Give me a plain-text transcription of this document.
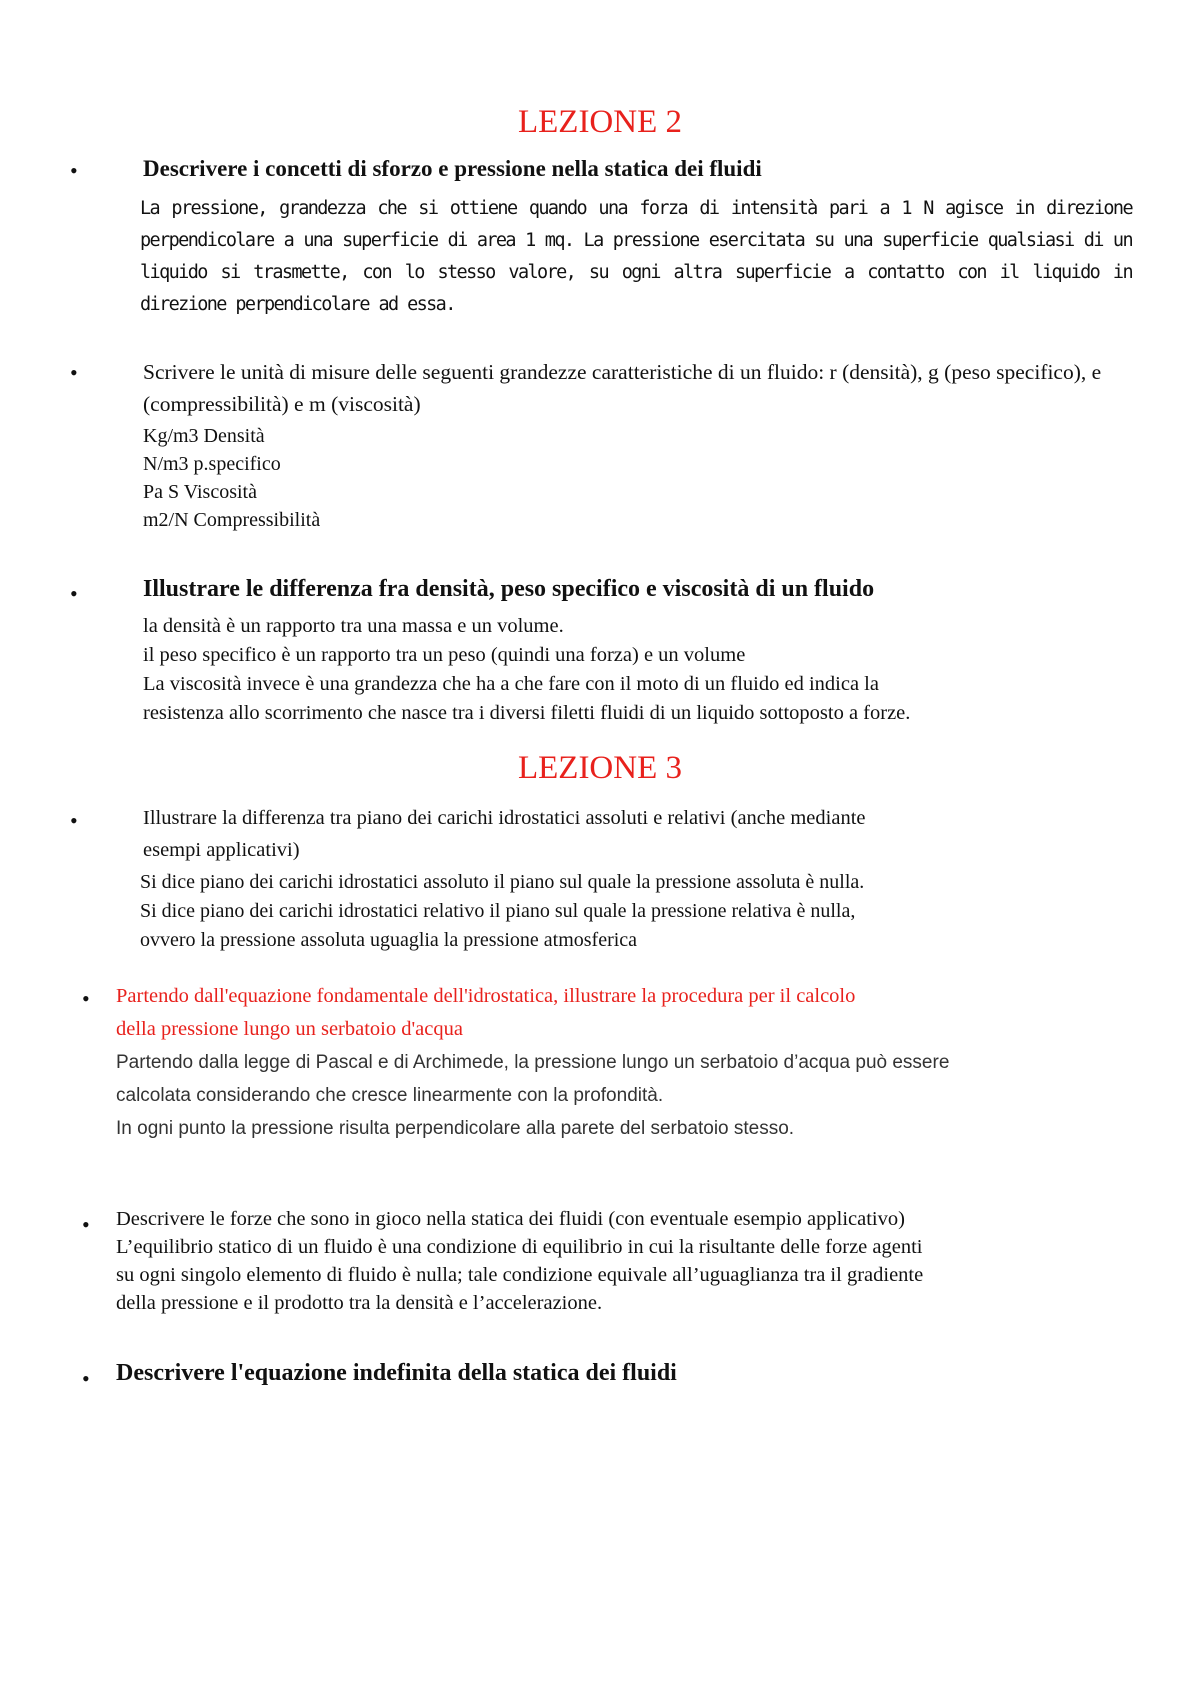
LEZIONE 2
•	Descrivere i concetti di sforzo e pressione nella statica dei fluidi

La pressione, grandezza che si ottiene quando una forza di intensità pari a 1 N agisce in direzione perpendicolare a una superficie di area 1 mq. La pressione esercitata su una superficie qualsiasi di un liquido si trasmette, con lo stesso valore, su ogni altra superficie a contatto con il liquido in direzione perpendicolare ad essa.

•	Scrivere le unità di misure delle seguenti grandezze caratteristiche di un fluido: r (densità), g (peso specifico), e (compressibilità) e m (viscosità)

Kg/m3 Densità
N/m3 p.specifico
Pa S Viscosità
m2/N Compressibilità
•	Illustrare le differenza fra densità, peso specifico e viscosità di un fluido

la densità è un rapporto tra una massa e un volume.
il peso specifico è un rapporto tra un peso (quindi una forza) e un volume
La viscosità invece è una grandezza che ha a che fare con il moto di un fluido ed indica la
resistenza allo scorrimento che nasce tra i diversi filetti fluidi di un liquido sottoposto a forze.
LEZIONE 3
•	Illustrare la differenza tra piano dei carichi idrostatici assoluti e relativi (anche mediante
esempi applicativi)
Si dice piano dei carichi idrostatici assoluto il piano sul quale la pressione assoluta è nulla.
Si dice piano dei carichi idrostatici relativo il piano sul quale la pressione relativa è nulla,
ovvero la pressione assoluta uguaglia la pressione atmosferica
• Partendo dall'equazione fondamentale dell'idrostatica, illustrare la procedura per il calcolo
della pressione lungo un serbatoio d'acqua
Partendo dalla legge di Pascal e di Archimede, la pressione lungo un serbatoio d’acqua può essere
calcolata considerando che cresce linearmente con la profondità.
In ogni punto la pressione risulta perpendicolare alla parete del serbatoio stesso.
• Descrivere le forze che sono in gioco nella statica dei fluidi (con eventuale esempio applicativo)

L’equilibrio statico di un fluido è una condizione di equilibrio in cui la risultante delle forze agenti
su ogni singolo elemento di fluido è nulla; tale condizione equivale all’uguaglianza tra il gradiente
della pressione e il prodotto tra la densità e l’accelerazione.
• Descrivere l'equazione indefinita della statica dei fluidi
